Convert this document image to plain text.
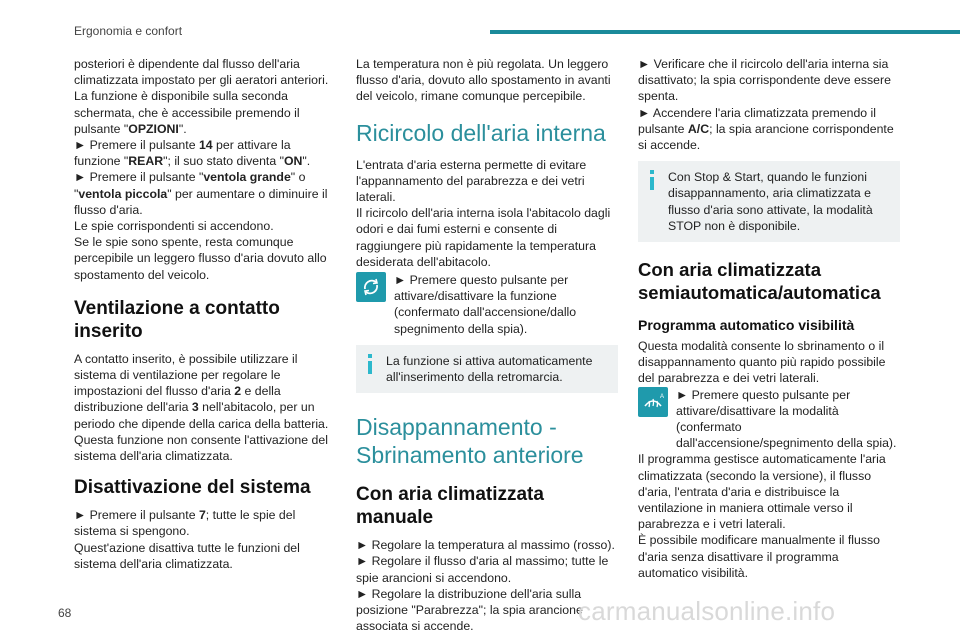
Ergonomia e confort

posteriori è dipendente dal flusso dell'aria climatizzata impostato per gli aeratori anteriori. La funzione è disponibile sulla seconda schermata, che è accessibile premendo il pulsante "OPZIONI".

► Premere il pulsante 14 per attivare la funzione "REAR"; il suo stato diventa "ON".

► Premere il pulsante "ventola grande" o "ventola piccola" per aumentare o diminuire il flusso d'aria.

Le spie corrispondenti si accendono.

Se le spie sono spente, resta comunque percepibile un leggero flusso d'aria dovuto allo spostamento del veicolo.

Ventilazione a contatto inserito

A contatto inserito, è possibile utilizzare il sistema di ventilazione per regolare le impostazioni del flusso d'aria 2 e della distribuzione dell'aria 3 nell'abitacolo, per un periodo che dipende della carica della batteria. Questa funzione non consente l'attivazione del sistema dell'aria climatizzata.

Disattivazione del sistema

► Premere il pulsante 7; tutte le spie del sistema si spengono.

Quest'azione disattiva tutte le funzioni del sistema dell'aria climatizzata.

La temperatura non è più regolata. Un leggero flusso d'aria, dovuto allo spostamento in avanti del veicolo, rimane comunque percepibile.

Ricircolo dell'aria interna

L'entrata d'aria esterna permette di evitare l'appannamento del parabrezza e dei vetri laterali.

Il ricircolo dell'aria interna isola l'abitacolo dagli odori e dai fumi esterni e consente di raggiungere più rapidamente la temperatura desiderata dell'abitacolo.

► Premere questo pulsante per attivare/disattivare la funzione (confermato dall'accensione/dallo spegnimento della spia).

La funzione si attiva automaticamente all'inserimento della retromarcia.

Disappannamento - Sbrinamento anteriore
Con aria climatizzata manuale

► Regolare la temperatura al massimo (rosso).

► Regolare il flusso d'aria al massimo; tutte le spie arancioni si accendono.

► Regolare la distribuzione dell'aria sulla posizione "Parabrezza"; la spia arancione associata si accende.

► Verificare che il ricircolo dell'aria interna sia disattivato; la spia corrispondente deve essere spenta.

► Accendere l'aria climatizzata premendo il pulsante A/C; la spia arancione corrispondente si accende.

Con Stop & Start, quando le funzioni disappannamento, aria climatizzata e flusso d'aria sono attivate, la modalità STOP non è disponibile.

Con aria climatizzata semiautomatica/automatica
Programma automatico visibilità

Questa modalità consente lo sbrinamento o il disappannamento quanto più rapido possibile del parabrezza e dei vetri laterali.

A ► Premere questo pulsante per attivare/disattivare la modalità (confermato dall'accensione/spegnimento della spia).

Il programma gestisce automaticamente l'aria climatizzata (secondo la versione), il flusso d'aria, l'entrata d'aria e distribuisce la ventilazione in maniera ottimale verso il parabrezza e i vetri laterali.

È possibile modificare manualmente il flusso d'aria senza disattivare il programma automatico visibilità.

68	carmanualsonline.info
